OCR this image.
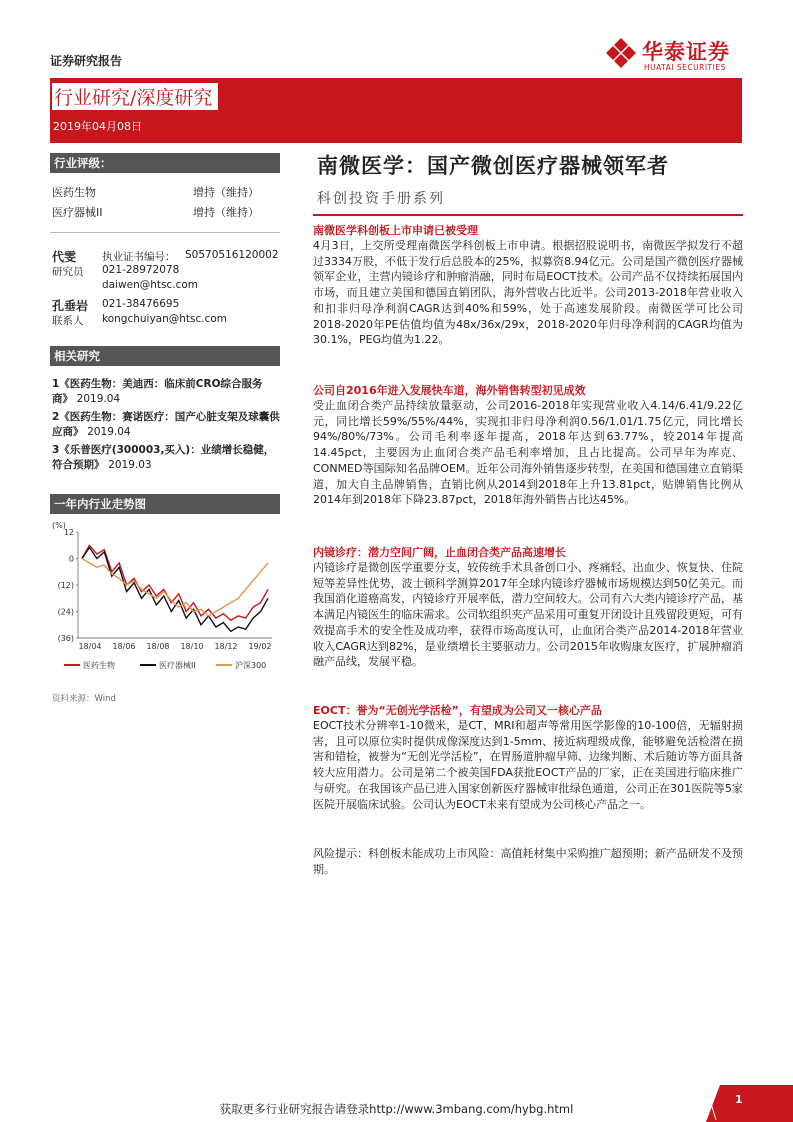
证券研究报告
行业研究/深度研究
2019年04月08日
华泰证券
HUATAI SECURITIES
行业评级：
医药生物	增持（维持）
医疗器械II	增持（维持）
代雯 执业证书编号： S0570516120002
研究员 021-28972078
daiwen@htsc.com
孔垂岩 021-38476695
联系人 kongchuiyan@htsc.com
相关研究
1《医药生物：美迪西：临床前CRO综合服务商》 2019.04
2《医药生物：赛诺医疗：国产心脏支架及球囊供应商》 2019.04
3《乐普医疗(300003,买入)：业绩增长稳健，符合预期》 2019.03
一年内行业走势图
(%)
12
0
(12)
(24)
(36)
18/04 18/06 18/08 18/10 18/12 19/02
医药生物	医疗器械II	沪深300
资料来源：Wind
南微医学：国产微创医疗器械领军者
科创投资手册系列
南微医学科创板上市申请已被受理
4月3日，上交所受理南微医学科创板上市申请。根据招股说明书，南微医学拟发行不超过3334万股，不低于发行后总股本的25%，拟募资8.94亿元。公司是国产微创医疗器械领军企业，主营内镜诊疗和肿瘤消融，同时布局EOCT技术。公司产品不仅持续拓展国内市场，而且建立美国和德国直销团队，海外营收占比近半。公司2013-2018年营业收入和扣非归母净利润CAGR达到40%和59%，处于高速发展阶段。南微医学可比公司2018-2020年PE估值均值为48x/36x/29x，2018-2020年归母净利润的CAGR均值为30.1%，PEG均值为1.22。
公司自2016年进入发展快车道，海外销售转型初见成效
受止血闭合类产品持续放量驱动，公司2016-2018年实现营业收入4.14/6.41/9.22亿元，同比增长59%/55%/44%，实现扣非归母净利润0.56/1.01/1.75亿元，同比增长94%/80%/73%。公司毛利率逐年提高，2018年达到63.77%，较2014年提高14.45pct，主要因为止血闭合类产品毛利率增加，且占比提高。公司早年为库克、CONMED等国际知名品牌OEM。近年公司海外销售逐步转型，在美国和德国建立直销渠道，加大自主品牌销售，直销比例从2014到2018年上升13.81pct，贴牌销售比例从2014年到2018年下降23.87pct，2018年海外销售占比达45%。
内镜诊疗：潜力空间广阔，止血闭合类产品高速增长
内镜诊疗是微创医学重要分支，较传统手术具备创口小、疼痛轻、出血少、恢复快、住院短等差异性优势，波士顿科学测算2017年全球内镜诊疗器械市场规模达到50亿美元。而我国消化道癌高发，内镜诊疗开展率低，潜力空间较大。公司有六大类内镜诊疗产品，基本满足内镜医生的临床需求。公司软组织夹产品采用可重复开闭设计且残留段更短，可有效提高手术的安全性及成功率，获得市场高度认可，止血闭合类产品2014-2018年营业收入CAGR达到82%，是业绩增长主要驱动力。公司2015年收购康友医疗，扩展肿瘤消融产品线，发展平稳。
EOCT：誉为“无创光学活检”，有望成为公司又一核心产品
EOCT技术分辨率1-10微米，是CT、MRI和超声等常用医学影像的10-100倍，无辐射损害，且可以原位实时提供成像深度达到1-5mm、接近病理级成像，能够避免活检潜在损害和错检，被誉为“无创光学活检”，在胃肠道肿瘤早筛、边缘判断、术后随访等方面具备较大应用潜力。公司是第二个被美国FDA获批EOCT产品的厂家，正在美国进行临床推广与研究。在我国该产品已进入国家创新医疗器械审批绿色通道，公司正在301医院等5家医院开展临床试验。公司认为EOCT未来有望成为公司核心产品之一。
风险提示：科创板未能成功上市风险：高值耗材集中采购推广超预期；新产品研发不及预期。
1
获取更多行业研究报告请登录http://www.3mbang.com/hybg.html
